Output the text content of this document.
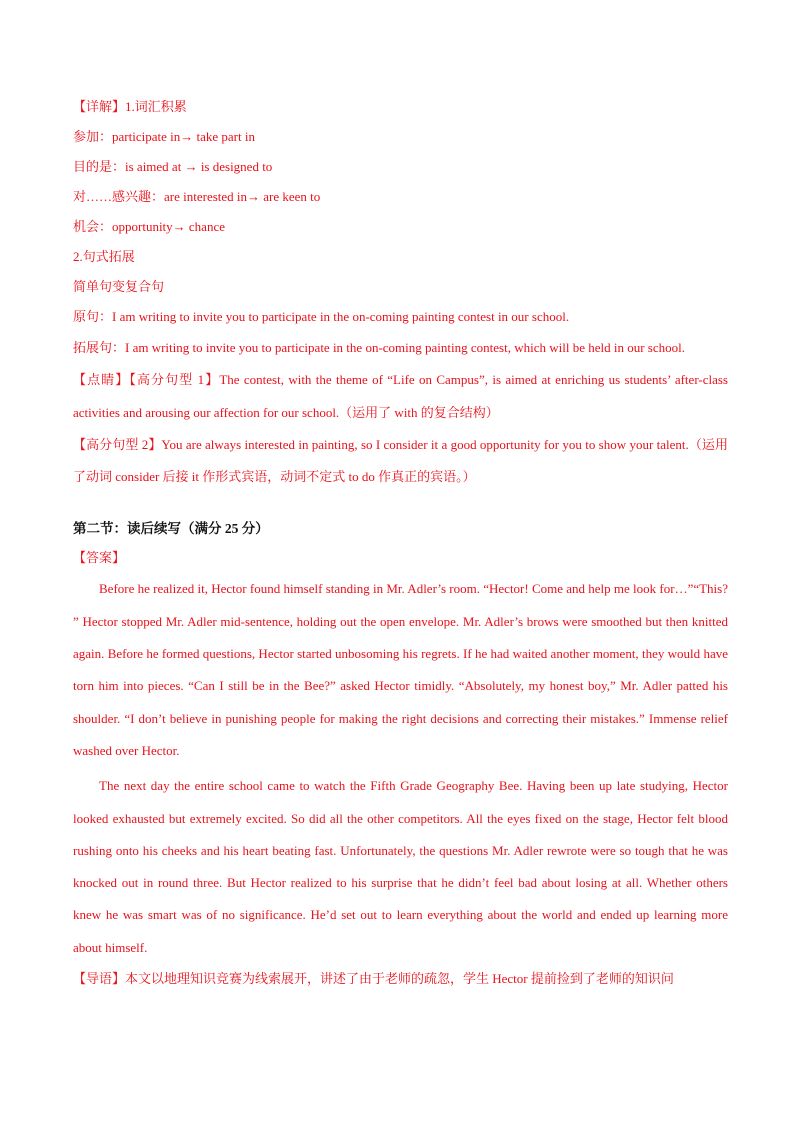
【详解】1.词汇积累
参加：participate in→ take part in
目的是：is aimed at → is designed to
对……感兴趣：are interested in→ are keen to
机会：opportunity→ chance
2.句式拓展
简单句变复合句
原句：I am writing to invite you to participate in the on-coming painting contest in our school.
拓展句：I am writing to invite you to participate in the on-coming painting contest, which will be held in our school.
【点睛】【高分句型 1】The contest, with the theme of “Life on Campus”, is aimed at enriching us students’ after-class activities and arousing our affection for our school.（运用了 with 的复合结构）
【高分句型 2】You are always interested in painting, so I consider it a good opportunity for you to show your talent.（运用了动词 consider 后接 it 作形式宾语，动词不定式 to do 作真正的宾语。）
第二节：读后续写（满分 25 分）
【答案】

Before he realized it, Hector found himself standing in Mr. Adler’s room. “Hector! Come and help me look for…”“This? ” Hector stopped Mr. Adler mid-sentence, holding out the open envelope. Mr. Adler’s brows were smoothed but then knitted again. Before he formed questions, Hector started unbosoming his regrets. If he had waited another moment, they would have torn him into pieces. “Can I still be in the Bee?” asked Hector timidly. “Absolutely, my honest boy,” Mr. Adler patted his shoulder. “I don’t believe in punishing people for making the right decisions and correcting their mistakes.” Immense relief washed over Hector.

The next day the entire school came to watch the Fifth Grade Geography Bee. Having been up late studying, Hector looked exhausted but extremely excited. So did all the other competitors. All the eyes fixed on the stage, Hector felt blood rushing onto his cheeks and his heart beating fast. Unfortunately, the questions Mr. Adler rewrote were so tough that he was knocked out in round three. But Hector realized to his surprise that he didn’t feel bad about losing at all. Whether others knew he was smart was of no significance. He’d set out to learn everything about the world and ended up learning more about himself.

【导语】本文以地理知识竞赛为线索展开，讲述了由于老师的疏忽，学生 Hector 提前捡到了老师的知识问
